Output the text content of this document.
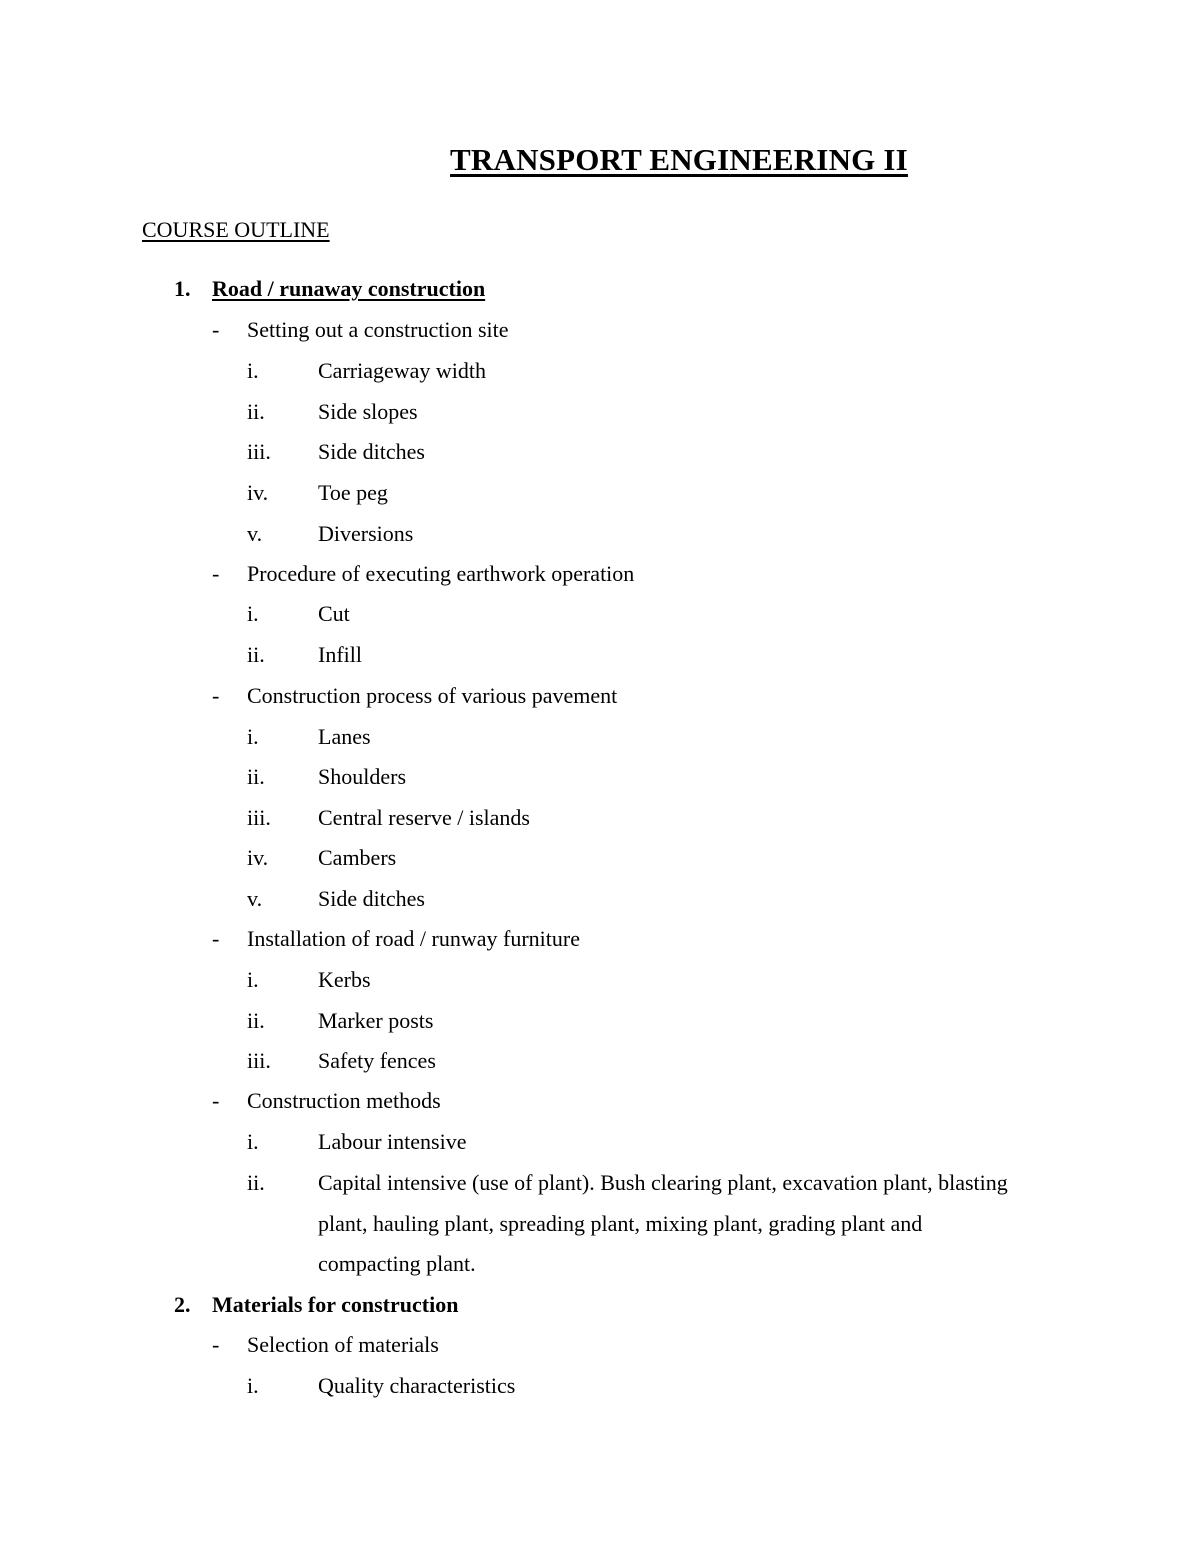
TRANSPORT ENGINEERING II
COURSE OUTLINE
1. Road / runaway construction
- Setting out a construction site
i.	Carriageway width
ii. Side slopes
iii. Side ditches
iv. Toe peg
v.	Diversions
- Procedure of executing earthwork operation
i.	Cut
ii. Infill
- Construction process of various pavement
i.	Lanes
ii. Shoulders
iii. Central reserve / islands
iv. Cambers
v.	Side ditches
- Installation of road / runway furniture
i.	Kerbs
ii. Marker posts
iii. Safety fences
- Construction methods
i.	Labour intensive
ii. Capital intensive (use of plant). Bush clearing plant, excavation plant, blasting
plant, hauling plant, spreading plant, mixing plant, grading plant and
compacting plant.
2. Materials for construction
- Selection of materials
i.	Quality characteristics
